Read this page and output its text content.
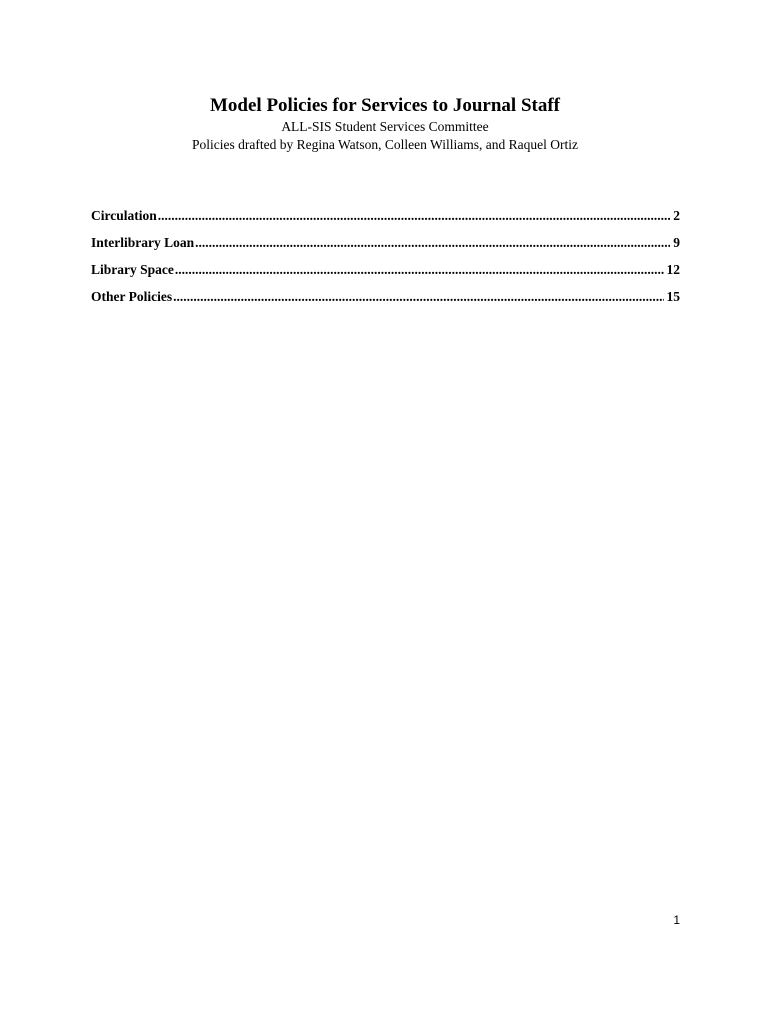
Model Policies for Services to Journal Staff
ALL-SIS Student Services Committee
Policies drafted by Regina Watson, Colleen Williams, and Raquel Ortiz
Circulation .....	2
Interlibrary Loan .....	9
Library Space .....	12
Other Policies .....	15
1
